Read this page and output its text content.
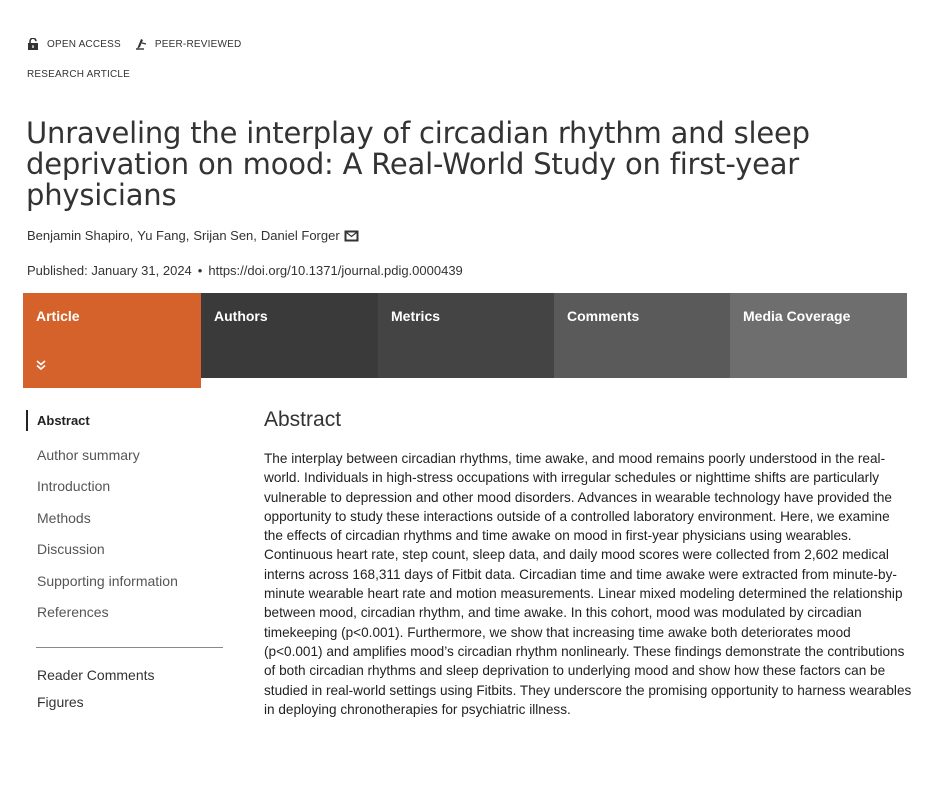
OPEN ACCESS	PEER-REVIEWED
RESEARCH ARTICLE
Unraveling the interplay of circadian rhythm and sleep deprivation on mood: A Real-World Study on first-year physicians
Benjamin Shapiro , Yu Fang , Srijan Sen , Daniel Forger
Published: January 31, 2024 • https://doi.org/10.1371/journal.pdig.0000439
Article	Authors	Metrics	Comments	Media Coverage
Abstract
Author summary
Introduction
Methods
Discussion
Supporting information
References
Reader Comments
Figures
Abstract

The interplay between circadian rhythms, time awake, and mood remains poorly understood in the real-world. Individuals in high-stress occupations with irregular schedules or nighttime shifts are particularly vulnerable to depression and other mood disorders. Advances in wearable technology have provided the opportunity to study these interactions outside of a controlled laboratory environment. Here, we examine the effects of circadian rhythms and time awake on mood in first-year physicians using wearables. Continuous heart rate, step count, sleep data, and daily mood scores were collected from 2,602 medical interns across 168,311 days of Fitbit data. Circadian time and time awake were extracted from minute-by-minute wearable heart rate and motion measurements. Linear mixed modeling determined the relationship between mood, circadian rhythm, and time awake. In this cohort, mood was modulated by circadian timekeeping (p<0.001). Furthermore, we show that increasing time awake both deteriorates mood (p<0.001) and amplifies mood’s circadian rhythm nonlinearly. These findings demonstrate the contributions of both circadian rhythms and sleep deprivation to underlying mood and show how these factors can be studied in real-world settings using Fitbits. They underscore the promising opportunity to harness wearables in deploying chronotherapies for psychiatric illness.
